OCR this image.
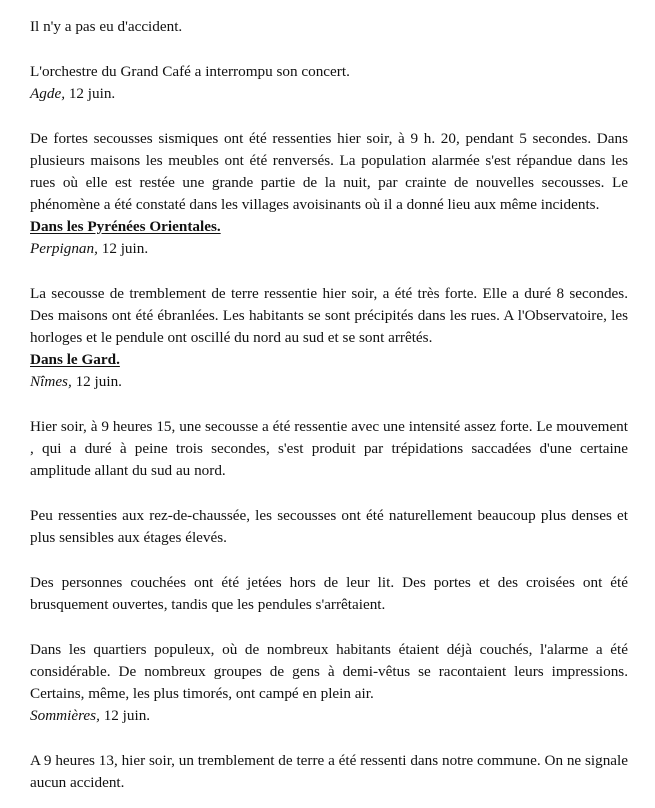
Il n'y a pas eu d'accident.

L'orchestre du Grand Café a interrompu son concert.

Agde, 12 juin.

De fortes secousses sismiques ont été ressenties hier soir, à 9 h. 20, pendant 5 secondes. Dans plusieurs maisons les meubles ont été renversés. La population alarmée s'est répandue dans les rues où elle est restée une grande partie de la nuit, par crainte de nouvelles secousses. Le phénomène a été constaté dans les villages avoisinants où il a donné lieu aux même incidents.

Dans les Pyrénées Orientales.

Perpignan, 12 juin.

La secousse de tremblement de terre ressentie hier soir, a été très forte. Elle a duré 8 secondes. Des maisons ont été ébranlées. Les habitants se sont précipités dans les rues. A l'Observatoire, les horloges et le pendule ont oscillé du nord au sud et se sont arrêtés.

Dans le Gard.

Nîmes, 12 juin.

Hier soir, à 9 heures 15, une secousse a été ressentie avec une intensité assez forte. Le mouvement , qui a duré à peine trois secondes, s'est produit par trépidations saccadées d'une certaine amplitude allant du sud au nord.

Peu ressenties aux rez-de-chaussée, les secousses ont été naturellement beaucoup plus denses et plus sensibles aux étages élevés.

Des personnes couchées ont été jetées hors de leur lit. Des portes et des croisées ont été brusquement ouvertes, tandis que les pendules s'arrêtaient.

Dans les quartiers populeux, où de nombreux habitants étaient déjà couchés, l'alarme a été considérable. De nombreux groupes de gens à demi-vêtus se racontaient leurs impressions. Certains, même, les plus timorés, ont campé en plein air.

Sommières, 12 juin.

A 9 heures 13, hier soir, un tremblement de terre a été ressenti dans notre commune. On ne signale aucun accident.
